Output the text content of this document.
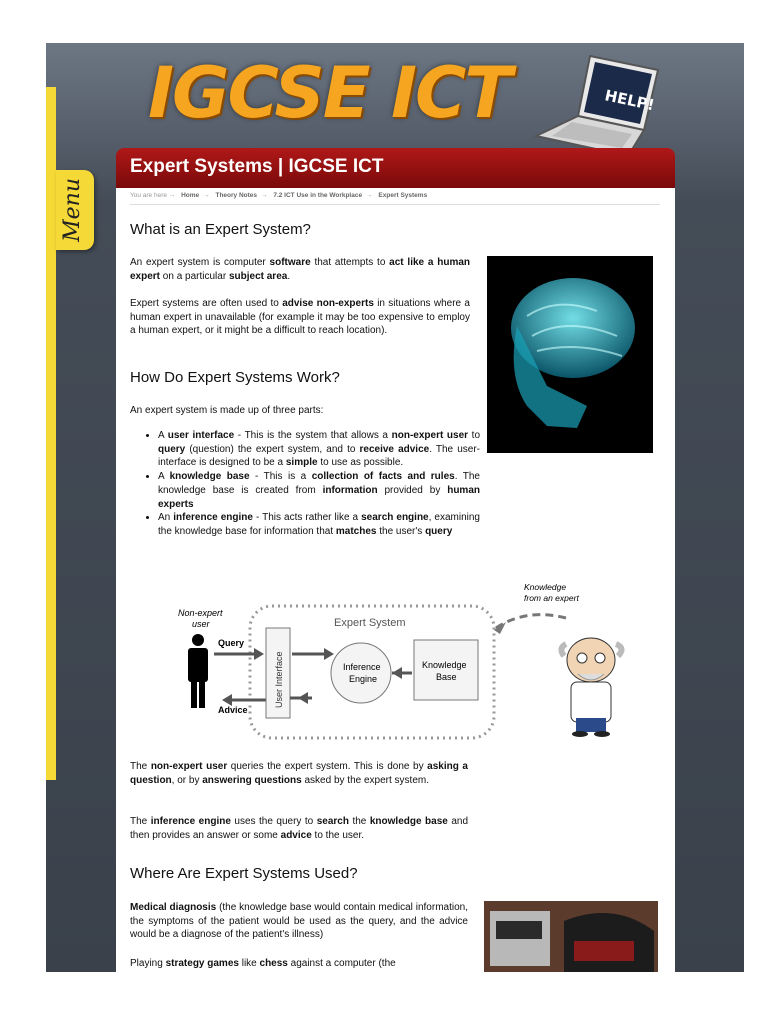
Menu
IGCSE ICT	HELP!
Expert Systems | IGCSE ICT
You are here → Home → Theory Notes → 7.2 ICT Use in the Workplace → Expert Systems
What is an Expert System?

An expert system is computer software that attempts to act like a human expert on a particular subject area.

Expert systems are often used to advise non-experts in situations where a human expert in unavailable (for example it may be too expensive to employ a human expert, or it might be a difficult to reach location).

How Do Expert Systems Work?

An expert system is made up of three parts:

• A user interface - This is the system that allows a non-expert user to query (question) the expert system, and to receive advice. The user-interface is designed to be a simple to use as possible.
• A knowledge base - This is a collection of facts and rules. The knowledge base is created from information provided by human experts
• An inference engine - This acts rather like a search engine, examining the knowledge base for information that matches the user's query
Non-expert
user	Expert System
Query
Advice
User Interface	Inference
Engine
Knowledge
Base
Knowledge
from an expert

The non-expert user queries the expert system. This is done by asking a question, or by answering questions asked by the expert system.

The inference engine uses the query to search the knowledge base and then provides an answer or some advice to the user.

Where Are Expert Systems Used?

Medical diagnosis (the knowledge base would contain medical information, the symptoms of the patient would be used as the query, and the advice would be a diagnose of the patient's illness)

Playing strategy games like chess against a computer (the
